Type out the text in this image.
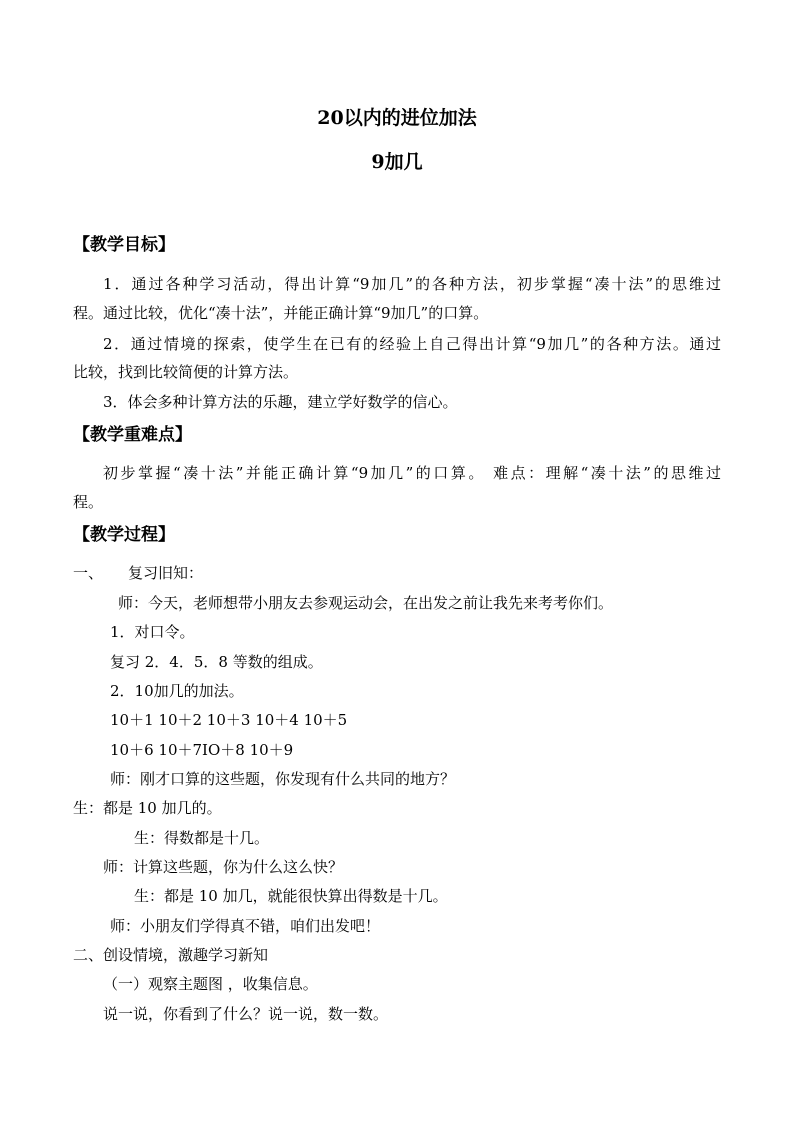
20以内的进位加法
9加几
【教学目标】

1．通过各种学习活动，得出计算“9加几”的各种方法，初步掌握“凑十法”的思维过

程。通过比较，优化“凑十法”，并能正确计算“9加几”的口算。

2．通过情境的探索，使学生在已有的经验上自己得出计算“9加几”的各种方法。通过

比较，找到比较简便的计算方法。

3．体会多种计算方法的乐趣，建立学好数学的信心。

【教学重难点】

初步掌握“凑十法”并能正确计算“9加几”的口算。 难点：理解“凑十法”的思维过

程。

【教学过程】

一、 复习旧知：

师：今天，老师想带小朋友去参观运动会，在出发之前让我先来考考你们。

1．对口令。

复习 2．4．5．8 等数的组成。

2．10加几的加法。

10＋1 10＋2 10＋3 10＋4 10＋5

10＋6 10＋7IO＋8 10＋9

师：刚才口算的这些题，你发现有什么共同的地方？

生：都是 10 加几的。

生：得数都是十几。

师：计算这些题，你为什么这么快？

生：都是 10 加几，就能很快算出得数是十几。

师：小朋友们学得真不错，咱们出发吧！

二、创设情境，激趣学习新知

（一）观察主题图 ，收集信息。

说一说，你看到了什么？说一说，数一数。
